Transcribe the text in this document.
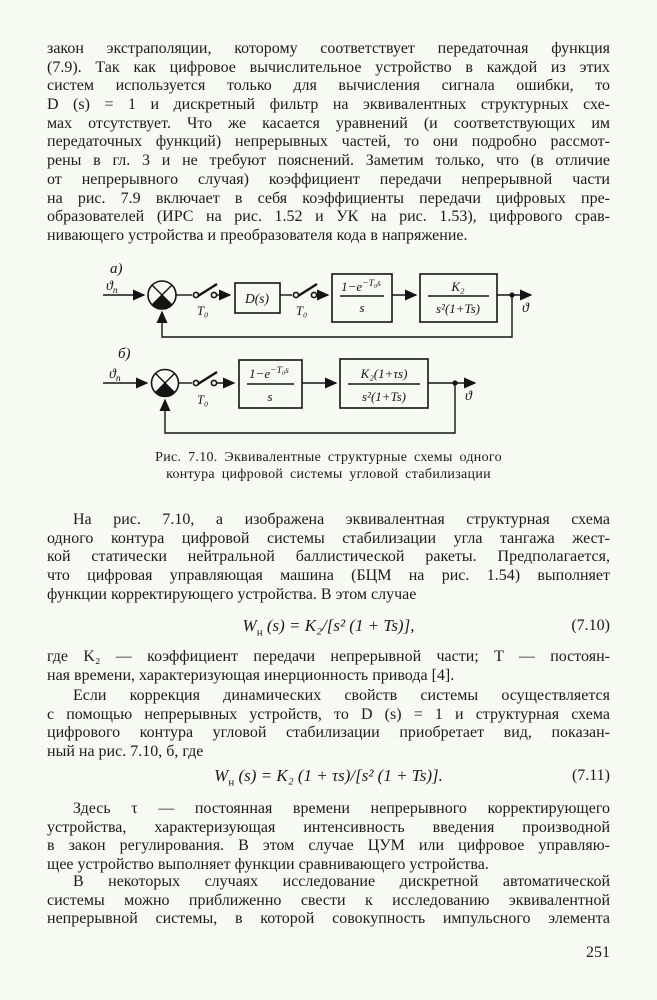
закон экстраполяции, которому соответствует передаточная функция
(7.9). Так как цифровое вычислительное устройство в каждой из этих
систем используется только для вычисления сигнала ошибки, то
D (s) = 1 и дискретный фильтр на эквивалентных структурных схе-
мах отсутствует. Что же касается уравнений (и соответствующих им
передаточных функций) непрерывных частей, то они подробно рассмот-
рены в гл. 3 и не требуют пояснений. Заметим только, что (в отличие
от непрерывного случая) коэффициент передачи непрерывной части
на рис. 7.9 включает в себя коэффициенты передачи цифровых пре-
образователей (ИРС на рис. 1.52 и УК на рис. 1.53), цифрового срав-
нивающего устройства и преобразователя кода в напряжение.
а)
$ϑ_п$
T₀
D(s)
T₀
$1-e^{-T_0s}$
s
K₂
s²(1+Ts)	ϑ
б)
$ϑ_п$
T₀
$1-e^{-T_0s}$
s
K₂(1+τs)
s²(1+Ts)	ϑ
Рис. 7.10. Эквивалентные структурные схемы одного
контура цифровой системы угловой стабилизации
На рис. 7.10, а изображена эквивалентная структурная схема
одного контура цифровой системы стабилизации угла тангажа жест-
кой статически нейтральной баллистической ракеты. Предполагается,
что цифровая управляющая машина (БЦМ на рис. 1.54) выполняет
функции корректирующего устройства. В этом случае
$W_н$ (s) = K₂/[s² (1 + Ts)],	(7.10)
где K₂ — коэффициент передачи непрерывной части; T — постоян-
ная времени, характеризующая инерционность привода [4].
Если коррекция динамических свойств системы осуществляется
с помощью непрерывных устройств, то D (s) = 1 и структурная схема
цифрового контура угловой стабилизации приобретает вид, показан-
ный на рис. 7.10, б, где
$W_н$ (s) = K₂ (1 + τs)/[s² (1 + Ts)].	(7.11)
Здесь τ — постоянная времени непрерывного корректирующего
устройства, характеризующая интенсивность введения производной
в закон регулирования. В этом случае ЦУМ или цифровое управляю-
щее устройство выполняет функции сравнивающего устройства.
В некоторых случаях исследование дискретной автоматической
системы можно приближенно свести к исследованию эквивалентной
непрерывной системы, в которой совокупность импульсного элемента
251
